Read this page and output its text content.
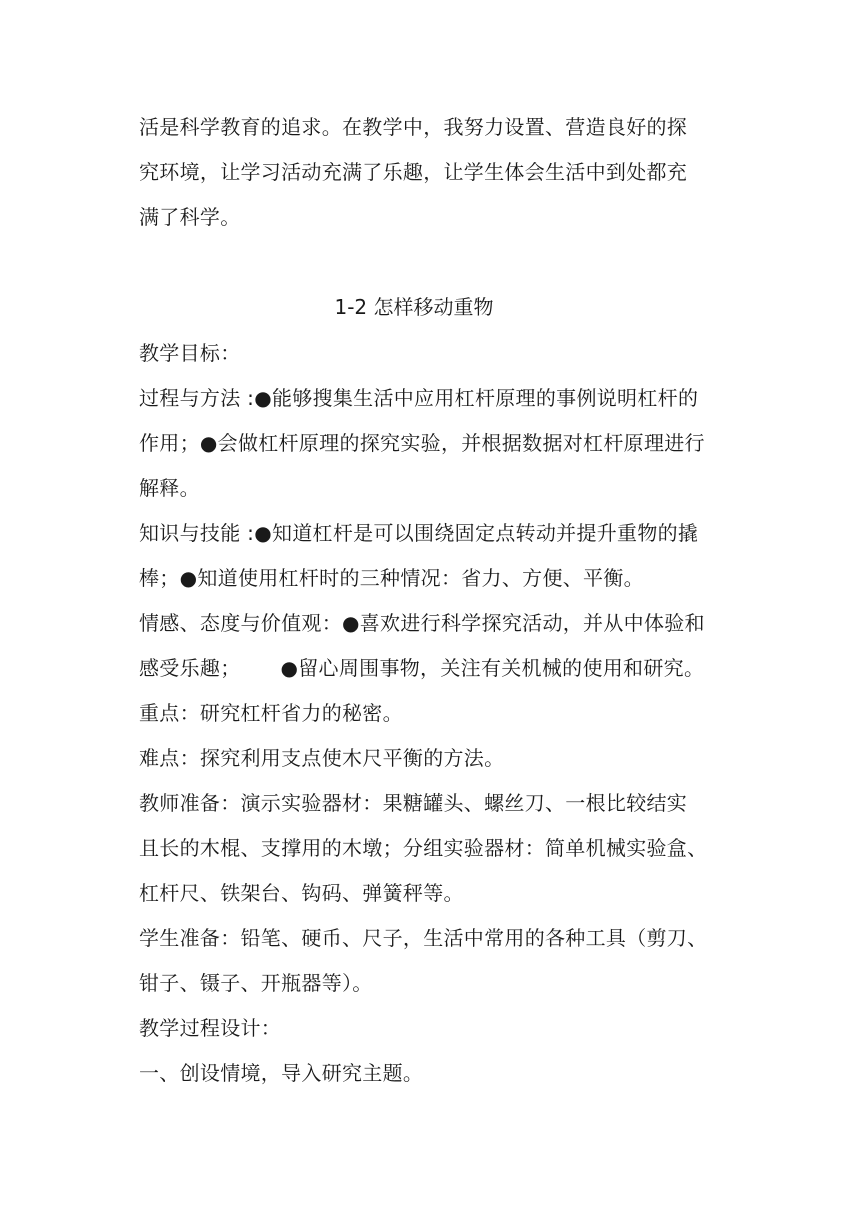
活是科学教育的追求。在教学中，我努力设置、营造良好的探
究环境，让学习活动充满了乐趣，让学生体会生活中到处都充
满了科学。
1-2 怎样移动重物
教学目标：
过程与方法 :●能够搜集生活中应用杠杆原理的事例说明杠杆的
作用；●会做杠杆原理的探究实验，并根据数据对杠杆原理进行
解释。
知识与技能 :●知道杠杆是可以围绕固定点转动并提升重物的撬
棒；●知道使用杠杆时的三种情况：省力、方便、平衡。
情感、态度与价值观：●喜欢进行科学探究活动，并从中体验和
感受乐趣； ●留心周围事物，关注有关机械的使用和研究。
重点：研究杠杆省力的秘密。
难点：探究利用支点使木尺平衡的方法。
教师准备：演示实验器材：果糖罐头、螺丝刀、一根比较结实
且长的木棍、支撑用的木墩；分组实验器材：简单机械实验盒、
杠杆尺、铁架台、钩码、弹簧秤等。
学生准备：铅笔、硬币、尺子，生活中常用的各种工具（剪刀、
钳子、镊子、开瓶器等）。
教学过程设计：
一、创设情境，导入研究主题。
